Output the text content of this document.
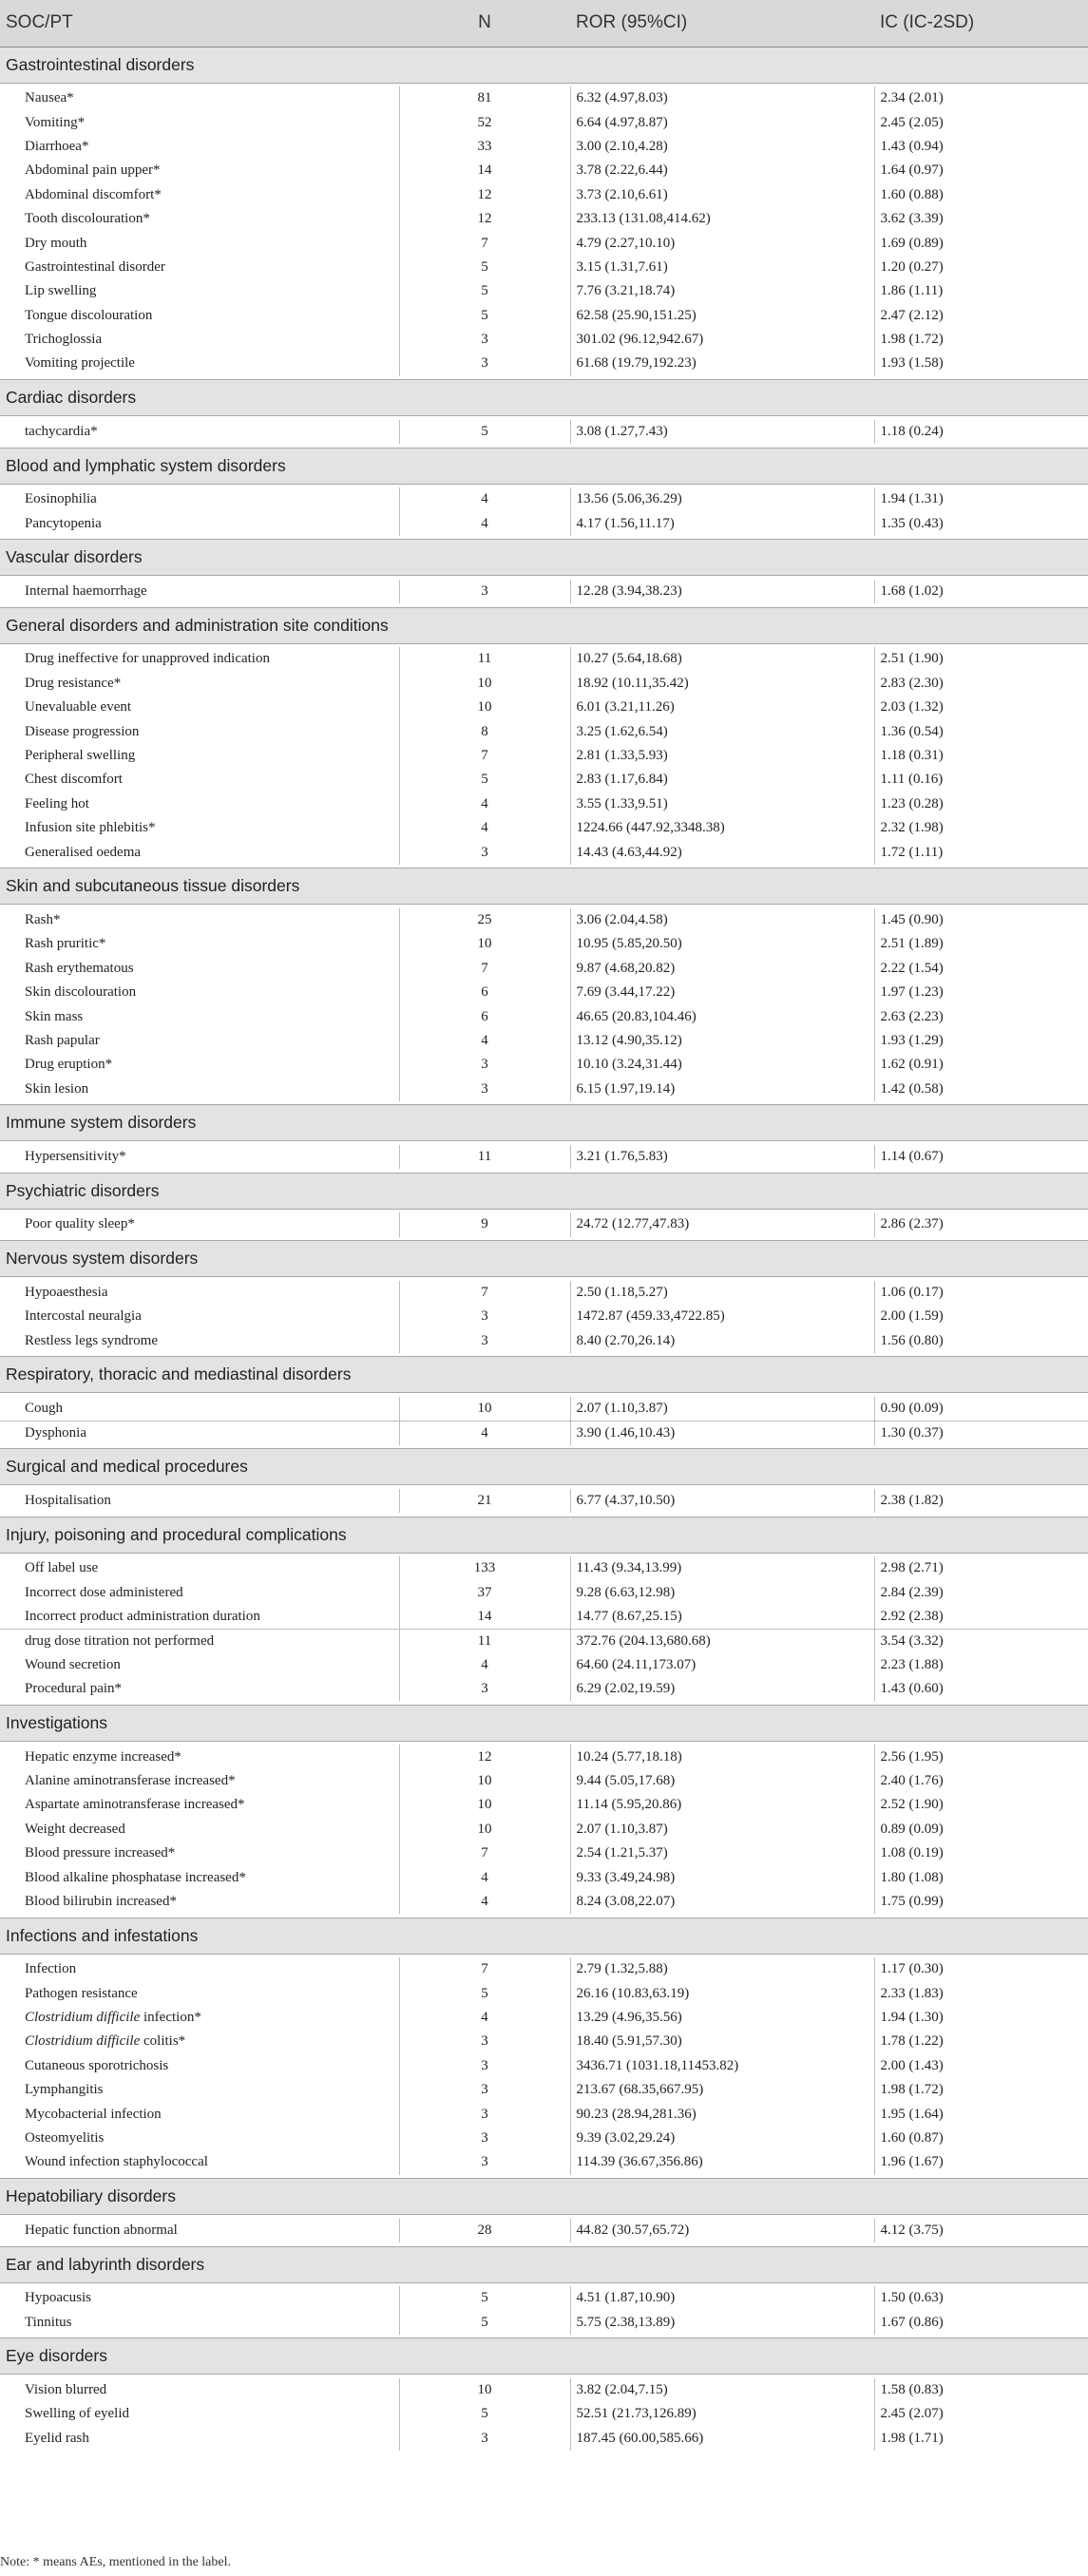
SOC/PT	N	ROR (95%CI)	IC (IC-2SD)
Gastrointestinal disorders			

Nausea*	81	6.32 (4.97,8.03)	2.34 (2.01)
Vomiting*	52	6.64 (4.97,8.87)	2.45 (2.05)
Diarrhoea*	33	3.00 (2.10,4.28)	1.43 (0.94)
Abdominal pain upper*	14	3.78 (2.22,6.44)	1.64 (0.97)
Abdominal discomfort*	12	3.73 (2.10,6.61)	1.60 (0.88)
Tooth discolouration*	12	233.13 (131.08,414.62)	3.62 (3.39)
Dry mouth	7	4.79 (2.27,10.10)	1.69 (0.89)
Gastrointestinal disorder	5	3.15 (1.31,7.61)	1.20 (0.27)
Lip swelling	5	7.76 (3.21,18.74)	1.86 (1.11)
Tongue discolouration	5	62.58 (25.90,151.25)	2.47 (2.12)
Trichoglossia	3	301.02 (96.12,942.67)	1.98 (1.72)
Vomiting projectile	3	61.68 (19.79,192.23)	1.93 (1.58)

Cardiac disorders			

tachycardia*	5	3.08 (1.27,7.43)	1.18 (0.24)

Blood and lymphatic system disorders			

Eosinophilia	4	13.56 (5.06,36.29)	1.94 (1.31)
Pancytopenia	4	4.17 (1.56,11.17)	1.35 (0.43)

Vascular disorders			

Internal haemorrhage	3	12.28 (3.94,38.23)	1.68 (1.02)

General disorders and administration site conditions			

Drug ineffective for unapproved indication	11	10.27 (5.64,18.68)	2.51 (1.90)
Drug resistance*	10	18.92 (10.11,35.42)	2.83 (2.30)
Unevaluable event	10	6.01 (3.21,11.26)	2.03 (1.32)
Disease progression	8	3.25 (1.62,6.54)	1.36 (0.54)
Peripheral swelling	7	2.81 (1.33,5.93)	1.18 (0.31)
Chest discomfort	5	2.83 (1.17,6.84)	1.11 (0.16)
Feeling hot	4	3.55 (1.33,9.51)	1.23 (0.28)
Infusion site phlebitis*	4	1224.66 (447.92,3348.38)	2.32 (1.98)
Generalised oedema	3	14.43 (4.63,44.92)	1.72 (1.11)

Skin and subcutaneous tissue disorders			

Rash*	25	3.06 (2.04,4.58)	1.45 (0.90)
Rash pruritic*	10	10.95 (5.85,20.50)	2.51 (1.89)
Rash erythematous	7	9.87 (4.68,20.82)	2.22 (1.54)
Skin discolouration	6	7.69 (3.44,17.22)	1.97 (1.23)
Skin mass	6	46.65 (20.83,104.46)	2.63 (2.23)
Rash papular	4	13.12 (4.90,35.12)	1.93 (1.29)
Drug eruption*	3	10.10 (3.24,31.44)	1.62 (0.91)
Skin lesion	3	6.15 (1.97,19.14)	1.42 (0.58)

Immune system disorders			

Hypersensitivity*	11	3.21 (1.76,5.83)	1.14 (0.67)

Psychiatric disorders			

Poor quality sleep*	9	24.72 (12.77,47.83)	2.86 (2.37)

Nervous system disorders			

Hypoaesthesia	7	2.50 (1.18,5.27)	1.06 (0.17)
Intercostal neuralgia	3	1472.87 (459.33,4722.85)	2.00 (1.59)
Restless legs syndrome	3	8.40 (2.70,26.14)	1.56 (0.80)

Respiratory, thoracic and mediastinal disorders			

Cough	10	2.07 (1.10,3.87)	0.90 (0.09)
Dysphonia	4	3.90 (1.46,10.43)	1.30 (0.37)

Surgical and medical procedures			

Hospitalisation	21	6.77 (4.37,10.50)	2.38 (1.82)

Injury, poisoning and procedural complications			

Off label use	133	11.43 (9.34,13.99)	2.98 (2.71)
Incorrect dose administered	37	9.28 (6.63,12.98)	2.84 (2.39)
Incorrect product administration duration	14	14.77 (8.67,25.15)	2.92 (2.38)
drug dose titration not performed	11	372.76 (204.13,680.68)	3.54 (3.32)
Wound secretion	4	64.60 (24.11,173.07)	2.23 (1.88)
Procedural pain*	3	6.29 (2.02,19.59)	1.43 (0.60)

Investigations			

Hepatic enzyme increased*	12	10.24 (5.77,18.18)	2.56 (1.95)
Alanine aminotransferase increased*	10	9.44 (5.05,17.68)	2.40 (1.76)
Aspartate aminotransferase increased*	10	11.14 (5.95,20.86)	2.52 (1.90)
Weight decreased	10	2.07 (1.10,3.87)	0.89 (0.09)
Blood pressure increased*	7	2.54 (1.21,5.37)	1.08 (0.19)
Blood alkaline phosphatase increased*	4	9.33 (3.49,24.98)	1.80 (1.08)
Blood bilirubin increased*	4	8.24 (3.08,22.07)	1.75 (0.99)

Infections and infestations			

Infection	7	2.79 (1.32,5.88)	1.17 (0.30)
Pathogen resistance	5	26.16 (10.83,63.19)	2.33 (1.83)
Clostridium difficile infection*	4	13.29 (4.96,35.56)	1.94 (1.30)
Clostridium difficile colitis*	3	18.40 (5.91,57.30)	1.78 (1.22)
Cutaneous sporotrichosis	3	3436.71 (1031.18,11453.82)	2.00 (1.43)
Lymphangitis	3	213.67 (68.35,667.95)	1.98 (1.72)
Mycobacterial infection	3	90.23 (28.94,281.36)	1.95 (1.64)
Osteomyelitis	3	9.39 (3.02,29.24)	1.60 (0.87)
Wound infection staphylococcal	3	114.39 (36.67,356.86)	1.96 (1.67)

Hepatobiliary disorders			

Hepatic function abnormal	28	44.82 (30.57,65.72)	4.12 (3.75)

Ear and labyrinth disorders			

Hypoacusis	5	4.51 (1.87,10.90)	1.50 (0.63)
Tinnitus	5	5.75 (2.38,13.89)	1.67 (0.86)

Eye disorders			

Vision blurred	10	3.82 (2.04,7.15)	1.58 (0.83)
Swelling of eyelid	5	52.51 (21.73,126.89)	2.45 (2.07)
Eyelid rash	3	187.45 (60.00,585.66)	1.98 (1.71)

Note: * means AEs, mentioned in the label.
